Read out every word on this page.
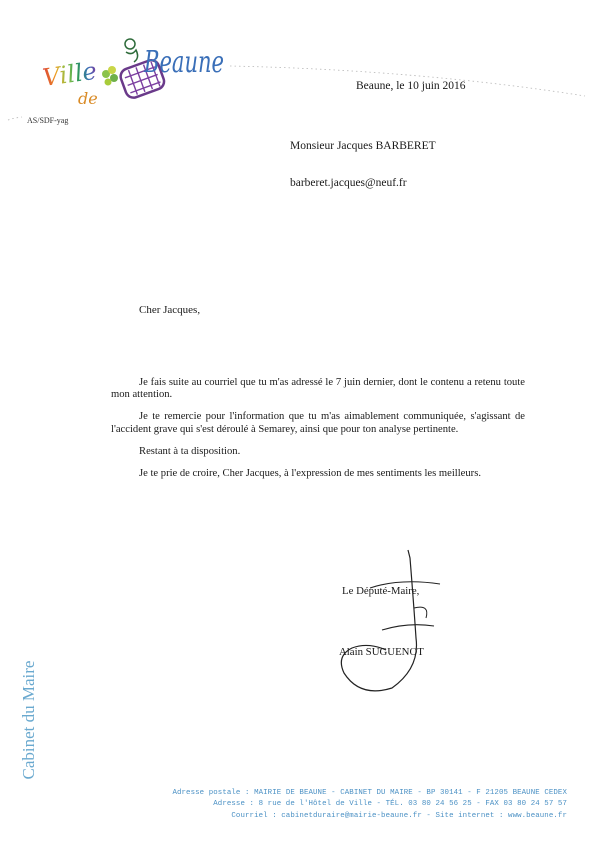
Ville
de
Beaune
AS/SDF-yag
Beaune, le 10 juin 2016
Monsieur Jacques BARBERET
barberet.jacques@neuf.fr
Cher Jacques,

Je fais suite au courriel que tu m'as adressé le 7 juin dernier, dont le contenu a retenu toute mon attention.

Je te remercie pour l'information que tu m'as aimablement communiquée, s'agissant de l'accident grave qui s'est déroulé à Semarey, ainsi que pour ton analyse pertinente.

Restant à ta disposition.

Je te prie de croire, Cher Jacques, à l'expression de mes sentiments les meilleurs.

Le Député-Maire,
Alain SUGUENOT
Cabinet du Maire
Adresse postale : MAIRIE DE BEAUNE - CABINET DU MAIRE - BP 30141 - F 21205 BEAUNE CEDEX
Adresse : 8 rue de l'Hôtel de Ville - TÉL. 03 80 24 56 25 - FAX 03 80 24 57 57
Courriel : cabinetduraire@mairie-beaune.fr - Site internet : www.beaune.fr
